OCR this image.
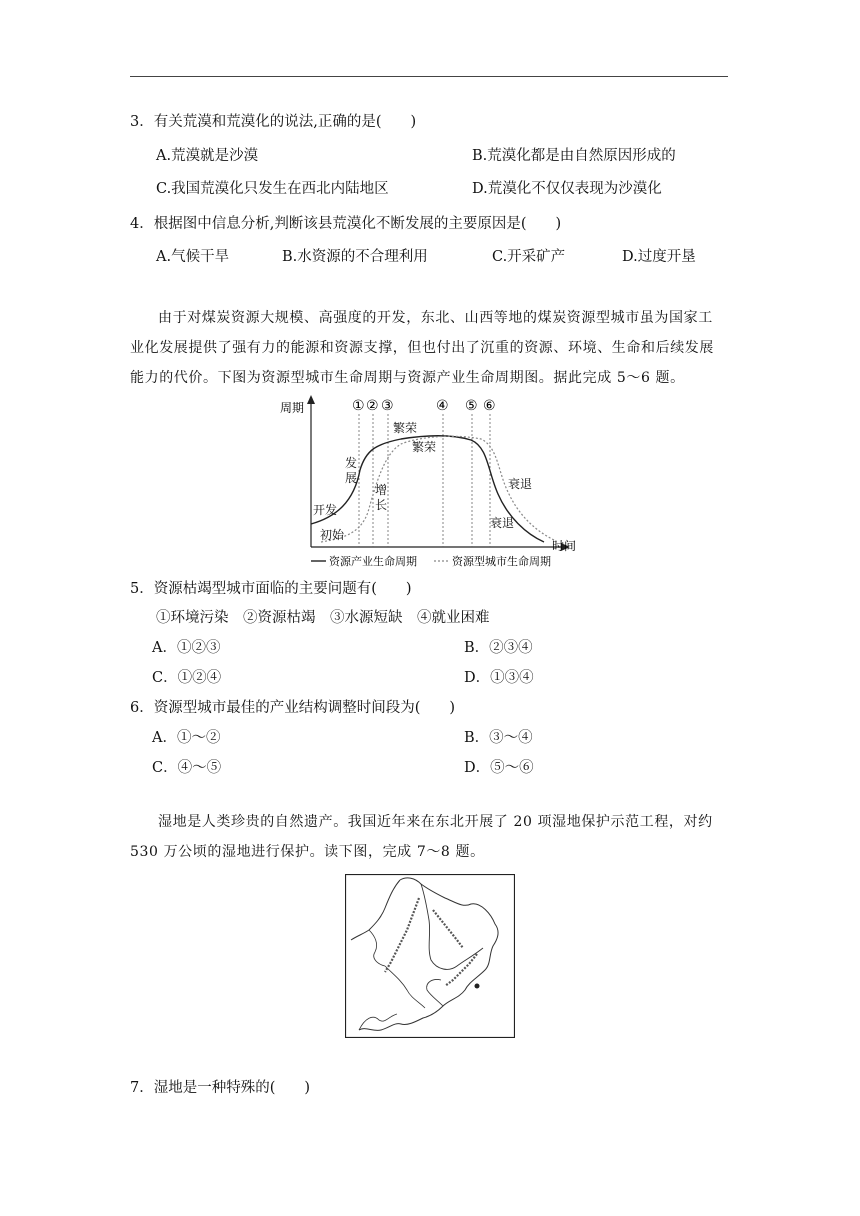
3．有关荒漠和荒漠化的说法,正确的是(　　)
A.荒漠就是沙漠	B.荒漠化都是由自然原因形成的
C.我国荒漠化只发生在西北内陆地区	D.荒漠化不仅仅表现为沙漠化
4．根据图中信息分析,判断该县荒漠化不断发展的主要原因是(　　)
A.气候干旱	B.水资源的不合理利用	C.开采矿产	D.过度开垦
由于对煤炭资源大规模、高强度的开发，东北、山西等地的煤炭资源型城市虽为国家工
业化发展提供了强有力的能源和资源支撑，但也付出了沉重的资源、环境、生命和后续发展
能力的代价。下图为资源型城市生命周期与资源产业生命周期图。据此完成 5～6 题。
周期
时间
① ② ③	④ ⑤ ⑥
开发
发
展
繁荣
衰退
初始
增
长
繁荣
衰退
资源产业生命周期	资源型城市生命周期
5．资源枯竭型城市面临的主要问题有(　　)
①环境污染　②资源枯竭　③水源短缺　④就业困难
A．①②③	B．②③④
C．①②④	D．①③④
6．资源型城市最佳的产业结构调整时间段为(　　)
A．①～②	B．③～④
C．④～⑤	D．⑤～⑥
湿地是人类珍贵的自然遗产。我国近年来在东北开展了 20 项湿地保护示范工程，对约
530 万公顷的湿地进行保护。读下图，完成 7～8 题。
7．湿地是一种特殊的(　　)
